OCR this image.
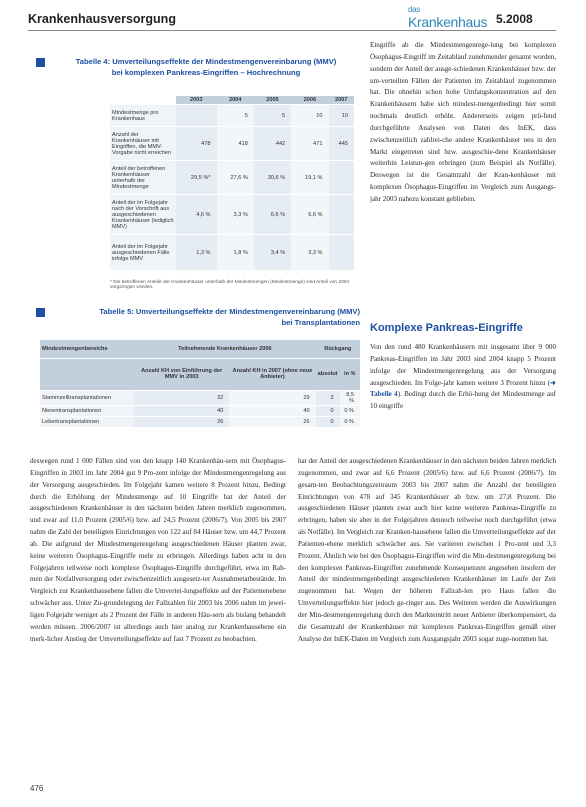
Krankenhausversorgung
das
Krankenhaus 5.2008
Tabelle 4: Umverteilungseffekte der Mindestmengenvereinbarung (MMV)
bei komplexen Pankreas-Eingriffen – Hochrechnung
	2003	2004	2005	2006	2007
Mindestmenge pro Krankenhaus		5	5	10	10
Anzahl der Krankenhäuser mit Eingriffen, die MMV-Vorgabe nicht erreichen	478	418	442	471	445
Anteil der betroffenen Krankenhäuser unterhalb der Mindestmenge	29,5 %*	27,6 %	30,6 %	19,1 %	
Anteil der im Folgejahr nach der Vorschrift aus ausgeschiedenen Krankenhäuser (lediglich MMV)	4,6 %	3,3 %	6,6 %	6,6 %	
Anteil der im Folgejahr ausgeschiedenen Fälle infolge MMV	1,3 %	1,8 %	3,4 %	3,3 %	
* Die betroffenen Anteile der Krankenhäuser unterhalb der Mindestmengen (Mindestmenge) sind Anteil von 2004 vorgezogen worden.
Tabelle 5: Umverteilungseffekte der Mindestmengenvereinbarung (MMV)
bei Transplantationen
Mindestmengenbereiche	Teilnehmende Krankenhäuser 2006		Rückgang	
	Anzahl KH von Einführung der MMV in 2003	Anzahl KH in 2007 (ohne neue Anbieter)	absolut	in %
Stammzelltransplantationen	32	29	3	8,5 %
Nierentransplantationen	40	40	0	0 %
Lebertransplantationen	26	26	0	0 %

Eingriffe ab die Mindestmengenrege-lung bei komplexen Ösophagus-Eingriff im Zeitablauf zunehmender genannt worden, sondern der Anteil der ausge-schiedenen Krankenhäuser bzw. der um-verteilten Fällen der Patienten im Zeitablauf zugenommen hat. Die ohnehin schon hohe Umfangskonzentration auf den Krankenhäusern habe sich mindest-mengenbedingt hier somit nochmals deutlich erhöht. Andererseits zeigen prü-fend durchgeführte Analysen von Daten des InEK, dass zwischenzeitlich zahlrei-che andere Krankenhäuser neu in den Markt eingetreten sind bzw. ausgeschie-dene Krankenhäuser weiterhin Leistun-gen erbringen (zum Beispiel als Notfälle). Deswegen ist die Gesamtzahl der Kran-kenhäuser mit komplexen Ösophagus-Eingriffen im Vergleich zum Ausgangs-jahr 2003 nahezu konstant geblieben.

Komplexe Pankreas-Eingriffe

Von den rund 480 Krankenhäusern mit insgesamt über 9 000 Pankreas-Eingriffen im Jahr 2003 sind 2004 knapp 5 Prozent infolge der Mindestmengenregelung aus der Versorgung ausgeschieden. Im Folge-jahr kamen weitere 3 Prozent hinzu (➜ Tabelle 4). Bedingt durch die Erhö-hung der Mindestmenge auf 10 eingriffe

deswegen rund 1 000 Fällen sind von den knapp 140 Krankenhäu-sern mit Ösophagus-Eingriffen in 2003 im Jahr 2004 gut 9 Pro-zent infolge der Mindestmengenregelung aus der Versorgung ausgeschieden. Im Folgejahr kamen weitere 8 Prozent hinzu. Bedingt durch die Erhöhung der Mindestmenge auf 10 Eingriffe hat der Anteil der ausgeschiedenen Krankenhäuser in den nächsten beiden Jahren merklich zugenommen, und zwar auf 11,0 Prozent (2005/6) bzw. auf 24,5 Prozent (2006/7). Von 2005 bis 2007 nahm die Zahl der beteiligten Einrichtungen von 122 auf 84 Häuser bzw. um 44,7 Prozent ab. Die aufgrund der Mindestmengenregelung ausgeschiedenen Häuser planten zwar, keine weiteren Ösophagus-Eingriffe mehr zu erbringen. Allerdings haben acht in den Folgejahren teilweise noch komplexe Ösophagus-Eingriffe durchgeführt, etwa im Rah-men der Notfallversorgung oder zwischenzeitlich ausgesetz-ter Ausnahmetatbestände. Im Vergleich zur Krankenhausebene fallen die Umvertei-lungseffekte auf der Patientenebene schwächer aus. Unter Zu-grundelegung der Fallzahlen für 2003 bis 2006 nahm im jewei-ligen Folgejahr weniger als 2 Prozent der Fälle in anderen Häu-sern als bislang behandelt werden müssen. 2006/2007 ist allerdings auch hier analog zur Krankenhausebene ein merk-licher Anstieg der Umverteilungseffekte auf fast 7 Prozent zu beobachten.

hat der Anteil der ausgeschiedenen Krankenhäuser in den nächsten beiden Jahren merklich zugenommen, und zwar auf 6,6 Prozent (2005/6) bzw. auf 6,6 Prozent (2006/7). Im gesam-ten Beobachtungszeitraum 2003 bis 2007 nahm die Anzahl der beteiligten Einrichtungen von 478 auf 345 Krankenhäuser ab bzw. um 27,8 Prozent. Die ausgeschiedenen Häuser planten zwar auch hier keine weiteren Pankreas-Eingriffe zu erbringen, haben sie aber in der Folgejahren dennoch teilweise noch durchgeführt (etwa als Notfälle). Im Vergleich zur Kranken-hausebene fallen die Umverteilungseffekte auf der Patienten-ebene merklich schwächer aus. Sie variieren zwischen 1 Pro-zent und 3,3 Prozent. Ähnlich wie bei den Ösophagus-Eingriffen wird die Min-destmengenregelung bei den komplexen Pankreas-Eingriffen zunehmende Konsequenzen angesehen insofern der Anteil der mindestmengenbedingt ausgeschiedenen Krankenhäuser im Laufe der Zeit zugenommen hat. Wegen der höheren Fallzah-len pro Haus fallen die Umverteilungseffekte hier jedoch ge-ringer aus. Des Weiteren werden die Auswirkungen der Min-destmengenregelung durch den Markteintritt neuer Anbieter überkompensiert, da die Gesamtzahl der Krankenhäuser mit komplexen Pankreas-Eingriffen gemäß einer Analyse der InEK-Daten im Vergleich zum Ausgangsjahr 2003 sogar zuge-nommen hat.

476
